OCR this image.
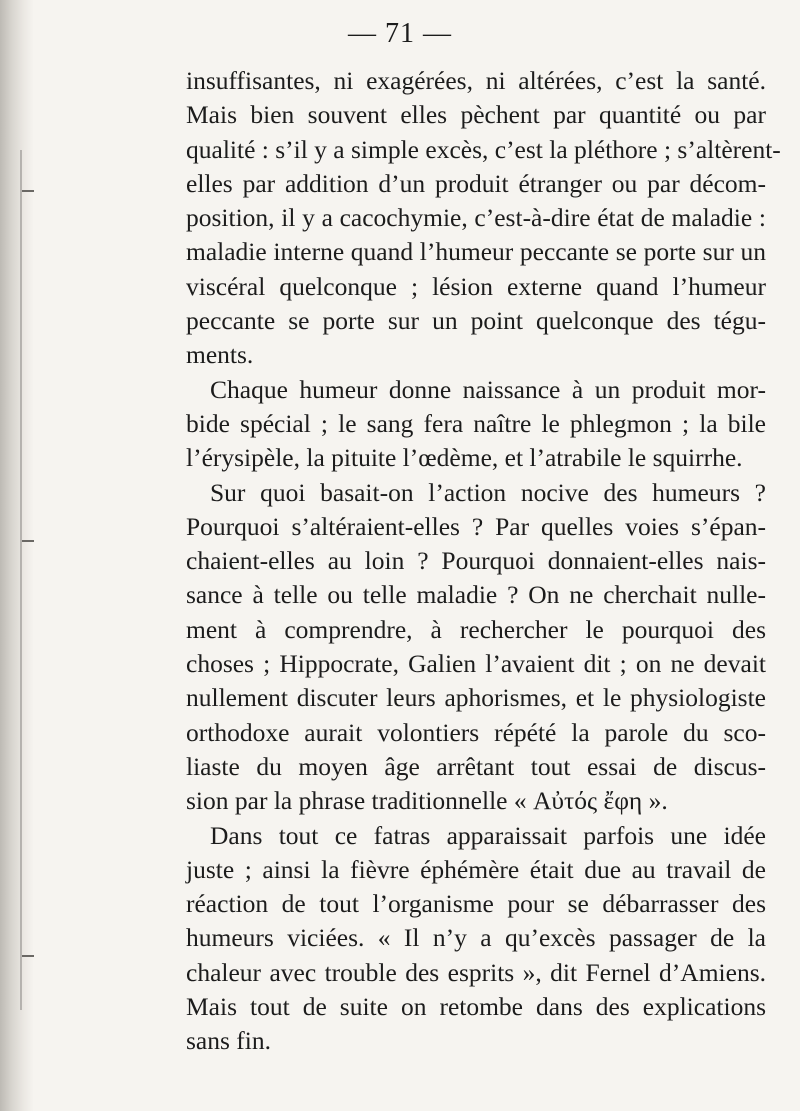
— 71 —
insuffisantes, ni exagérées, ni altérées, c’est la santé.
Mais bien souvent elles pèchent par quantité ou par
qualité : s’il y a simple excès, c’est la pléthore ; s’altèrent-
elles par addition d’un produit étranger ou par décom-
position, il y a cacochymie, c’est-à-dire état de maladie :
maladie interne quand l’humeur peccante se porte sur un
viscéral quelconque ; lésion externe quand l’humeur
peccante se porte sur un point quelconque des tégu-
ments.
Chaque humeur donne naissance à un produit mor-
bide spécial ; le sang fera naître le phlegmon ; la bile
l’érysipèle, la pituite l’œdème, et l’atrabile le squirrhe.
Sur quoi basait-on l’action nocive des humeurs ?
Pourquoi s’altéraient-elles ? Par quelles voies s’épan-
chaient-elles au loin ? Pourquoi donnaient-elles nais-
sance à telle ou telle maladie ? On ne cherchait nulle-
ment à comprendre, à rechercher le pourquoi des
choses ; Hippocrate, Galien l’avaient dit ; on ne devait
nullement discuter leurs aphorismes, et le physiologiste
orthodoxe aurait volontiers répété la parole du sco-
liaste du moyen âge arrêtant tout essai de discus-
sion par la phrase traditionnelle « Αὐτός ἔφη ».
Dans tout ce fatras apparaissait parfois une idée
juste ; ainsi la fièvre éphémère était due au travail de
réaction de tout l’organisme pour se débarrasser des
humeurs viciées. « Il n’y a qu’excès passager de la
chaleur avec trouble des esprits », dit Fernel d’Amiens.
Mais tout de suite on retombe dans des explications
sans fin.
